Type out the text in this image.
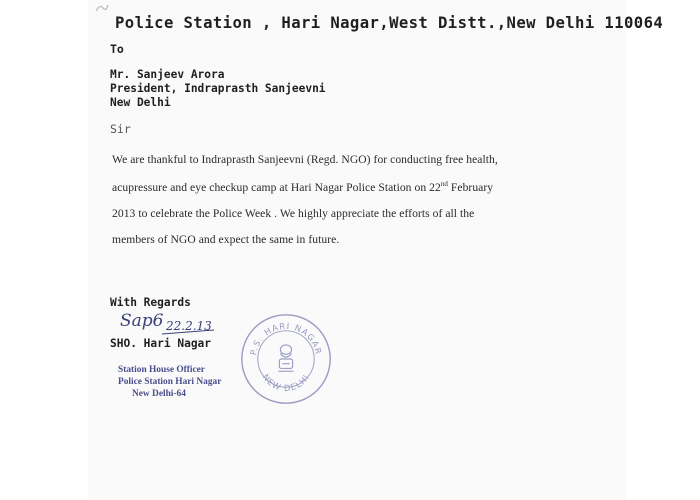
Police Station , Hari Nagar,West Distt.,New Delhi 110064
To
Mr. Sanjeev Arora
President, Indraprasth Sanjeevni
New Delhi
Sir
We are thankful to Indraprasth Sanjeevni (Regd. NGO) for conducting free health,
acupressure and eye checkup camp at Hari Nagar Police Station on 22nd February
2013 to celebrate the Police Week . We highly appreciate the efforts of all the
members of NGO and expect the same in future.
With Regards
Sap6 22.2.13
SHO. Hari Nagar
Station House Officer
Police Station Hari Nagar
New Delhi-64
P.S. HARI NAGAR
NEW DELHI
